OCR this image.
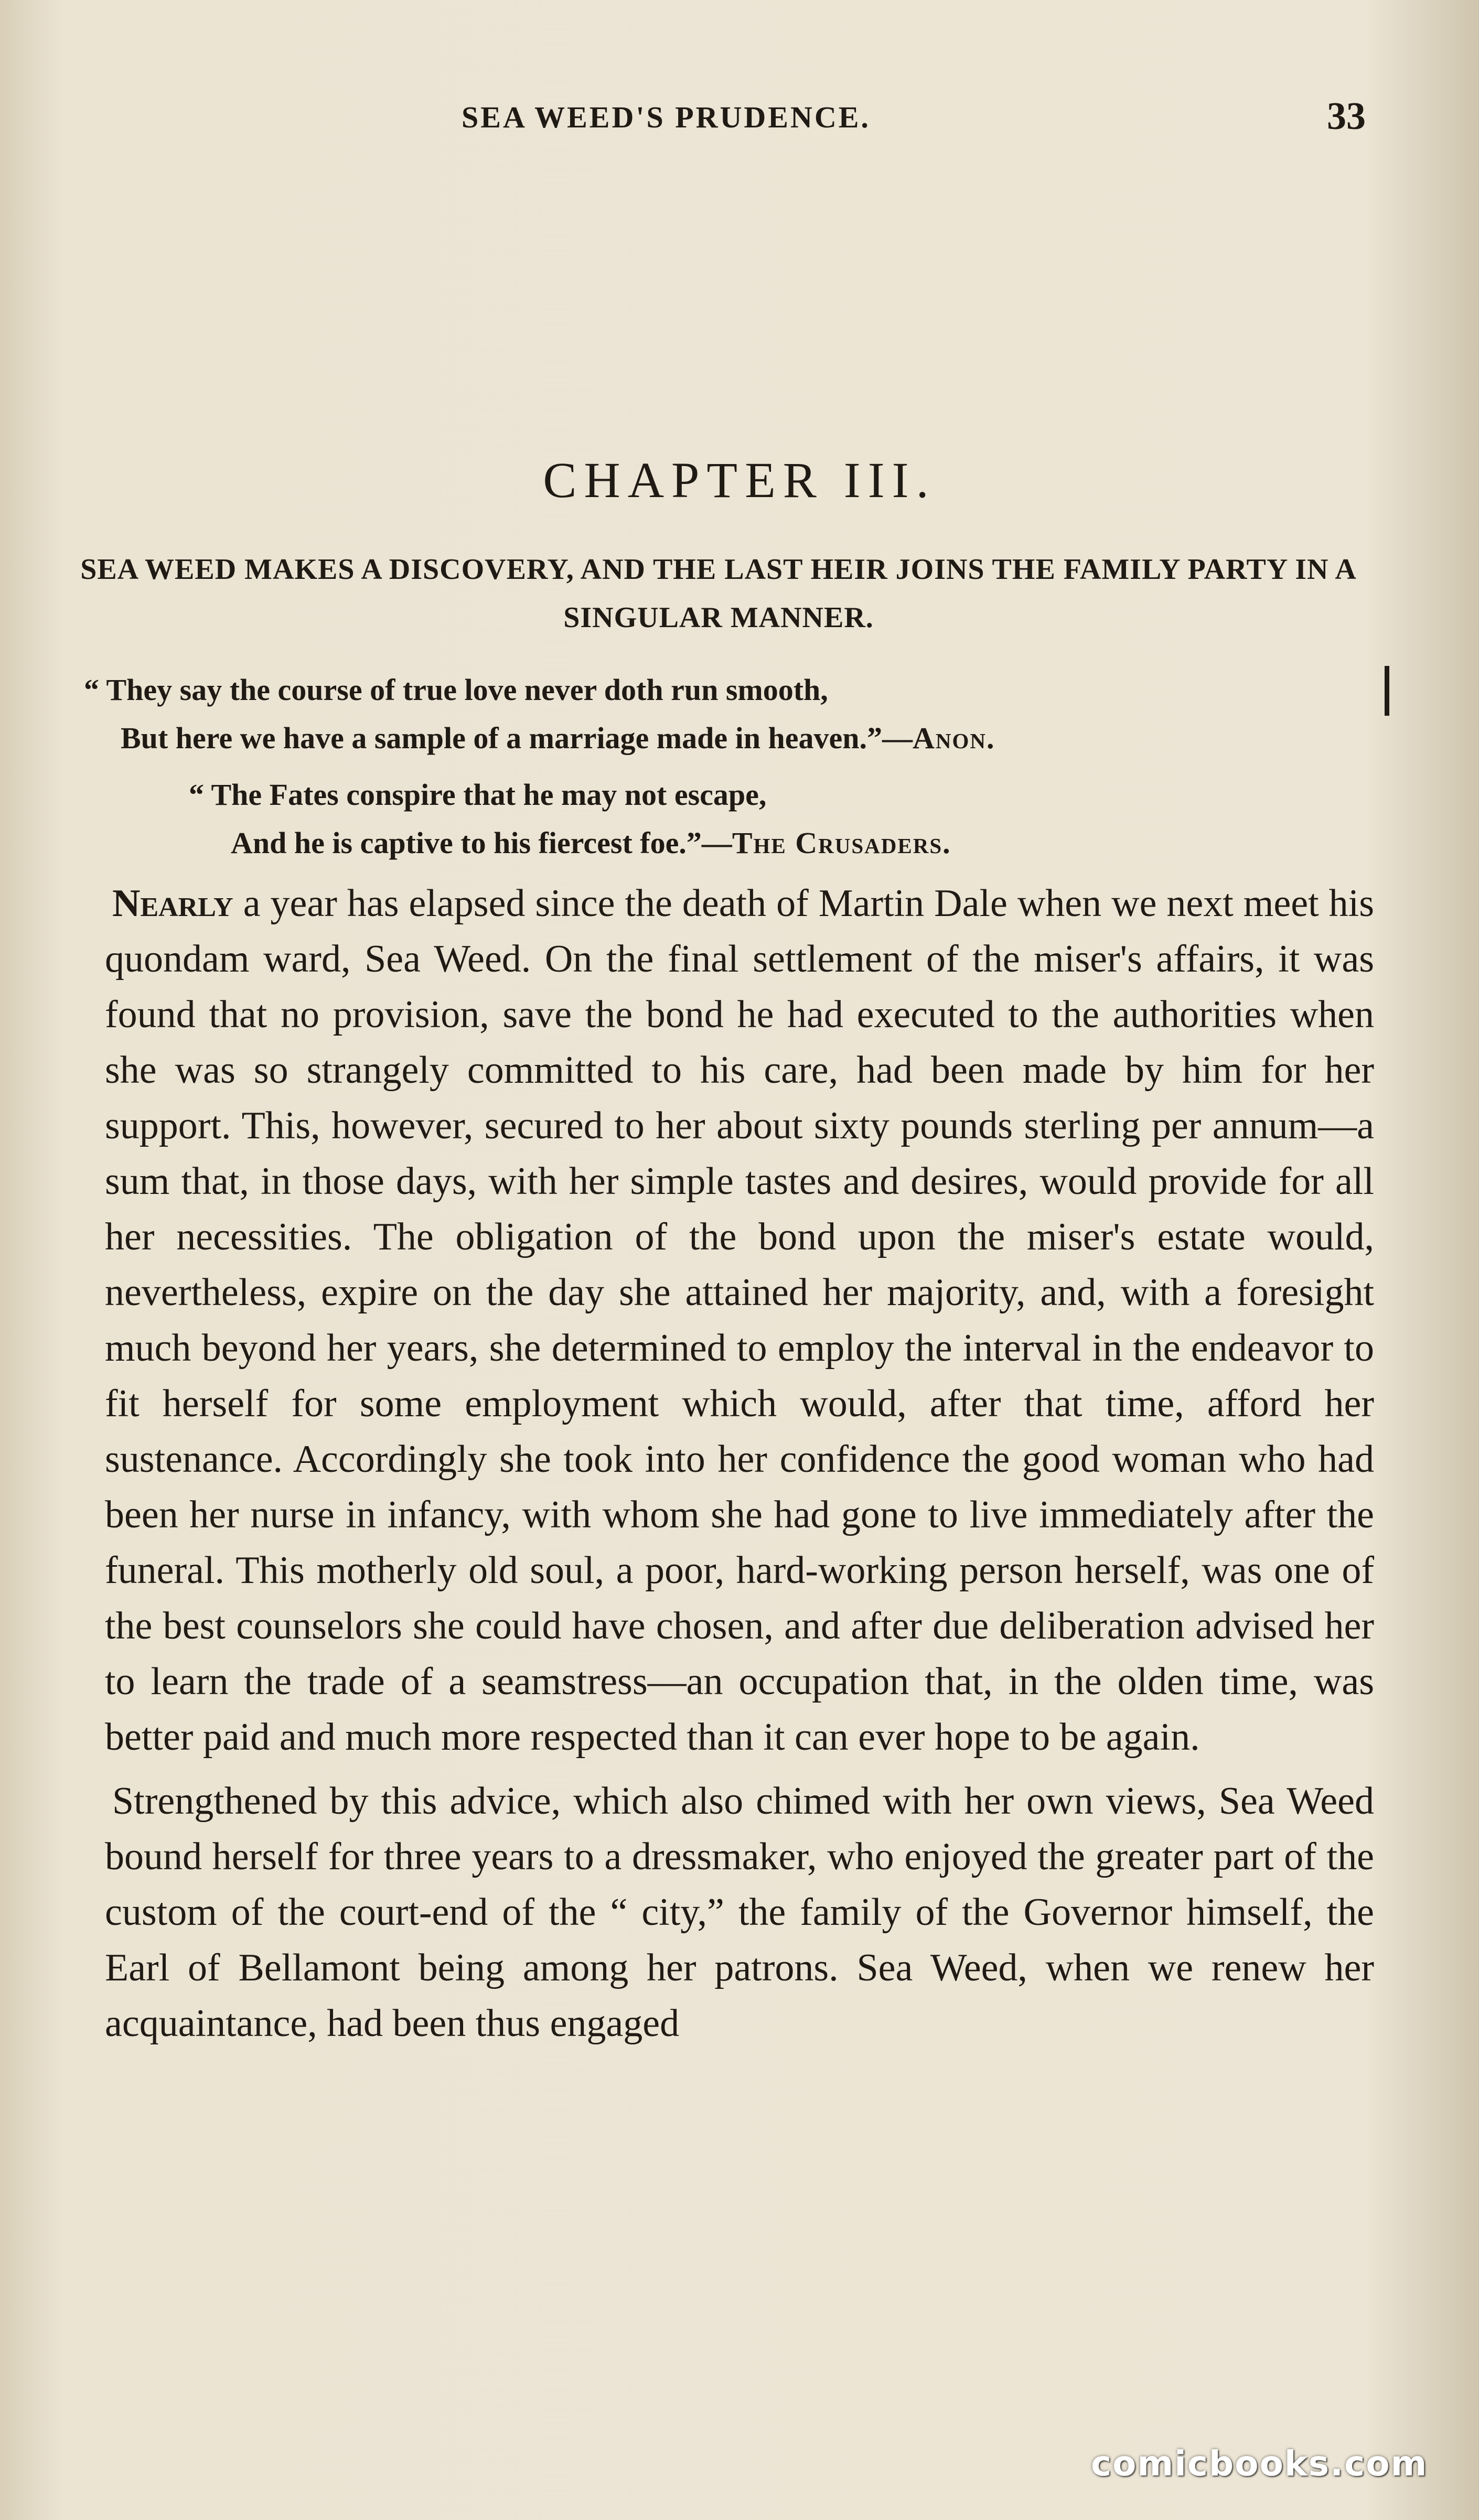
SEA WEED'S PRUDENCE.	33
CHAPTER III.
SEA WEED MAKES A DISCOVERY, AND THE LAST HEIR JOINS THE FAMILY PARTY IN A SINGULAR MANNER.
“ They say the course of true love never doth run smooth,
But here we have a sample of a marriage made in heaven.”—Anon.
“ The Fates conspire that he may not escape,
And he is captive to his fiercest foe.”—The Crusaders.

Nearly a year has elapsed since the death of Martin Dale when we next meet his quondam ward, Sea Weed. On the final settlement of the miser's affairs, it was found that no provision, save the bond he had executed to the authorities when she was so strangely committed to his care, had been made by him for her support. This, however, secured to her about sixty pounds sterling per annum—a sum that, in those days, with her simple tastes and desires, would provide for all her necessities. The obligation of the bond upon the miser's estate would, nevertheless, expire on the day she attained her majority, and, with a foresight much beyond her years, she determined to employ the interval in the endeavor to fit herself for some employment which would, after that time, afford her sustenance. Accordingly she took into her confidence the good woman who had been her nurse in infancy, with whom she had gone to live immediately after the funeral. This motherly old soul, a poor, hard-working person herself, was one of the best counselors she could have chosen, and after due deliberation advised her to learn the trade of a seamstress—an occupation that, in the olden time, was better paid and much more respected than it can ever hope to be again.

Strengthened by this advice, which also chimed with her own views, Sea Weed bound herself for three years to a dressmaker, who enjoyed the greater part of the custom of the court-end of the “ city,” the family of the Governor himself, the Earl of Bellamont being among her patrons. Sea Weed, when we renew her acquaintance, had been thus engaged

comicbooks.com
